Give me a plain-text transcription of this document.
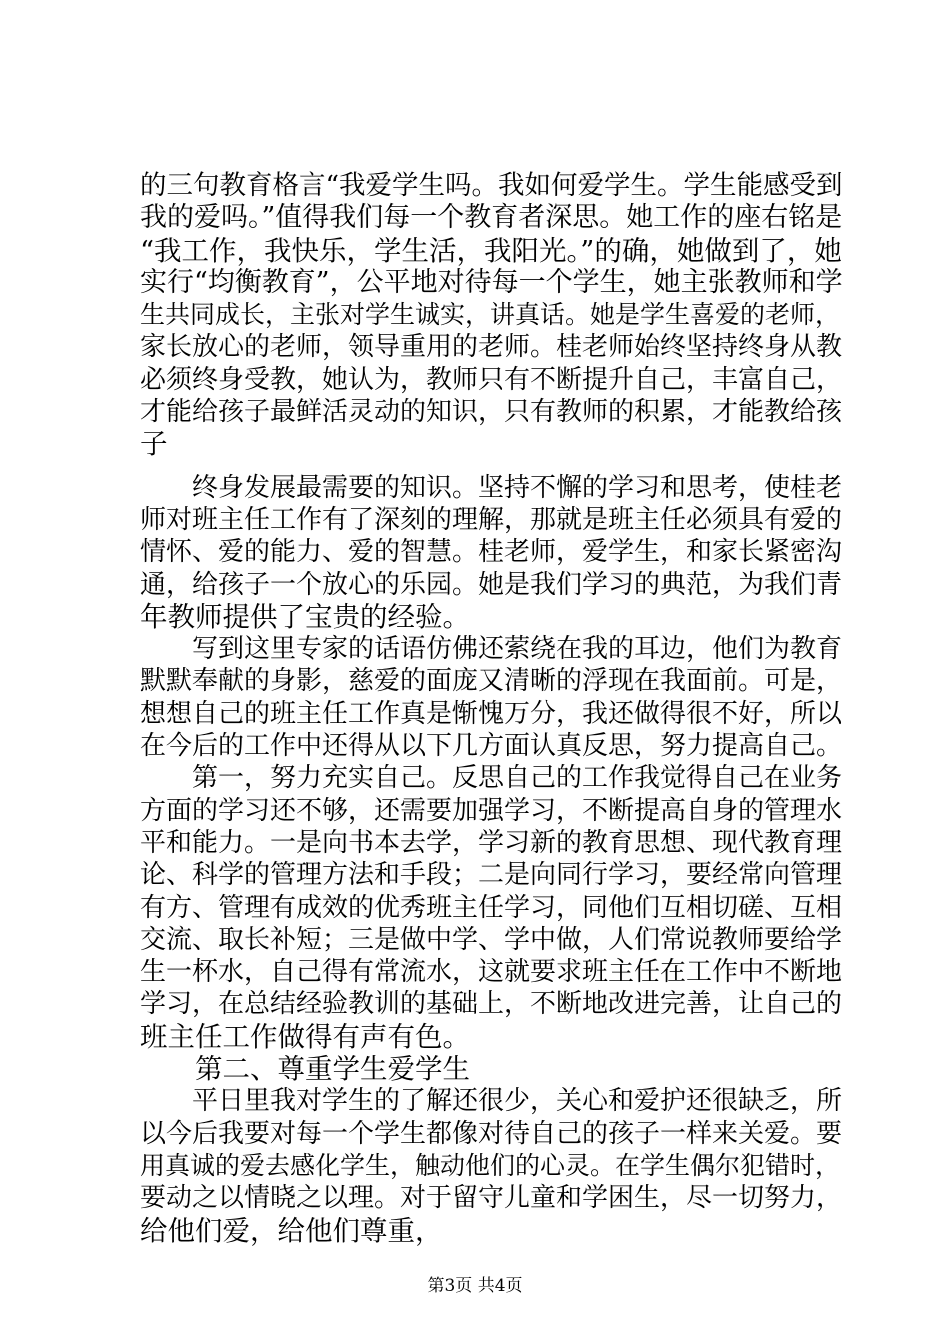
的三句教育格言“我爱学生吗。我如何爱学生。学生能感受到
我的爱吗。”值得我们每一个教育者深思。她工作的座右铭是
“我工作，我快乐，学生活，我阳光。”的确，她做到了，她
实行“均衡教育”，公平地对待每一个学生，她主张教师和学
生共同成长，主张对学生诚实，讲真话。她是学生喜爱的老师，
家长放心的老师，领导重用的老师。桂老师始终坚持终身从教
必须终身受教，她认为，教师只有不断提升自己，丰富自己，
才能给孩子最鲜活灵动的知识，只有教师的积累，才能教给孩
子
　　终身发展最需要的知识。坚持不懈的学习和思考，使桂老
师对班主任工作有了深刻的理解，那就是班主任必须具有爱的
情怀、爱的能力、爱的智慧。桂老师，爱学生，和家长紧密沟
通，给孩子一个放心的乐园。她是我们学习的典范，为我们青
年教师提供了宝贵的经验。
　　写到这里专家的话语仿佛还萦绕在我的耳边，他们为教育
默默奉献的身影，慈爱的面庞又清晰的浮现在我面前。可是，
想想自己的班主任工作真是惭愧万分，我还做得很不好，所以
在今后的工作中还得从以下几方面认真反思，努力提高自己。
　　第一，努力充实自己。反思自己的工作我觉得自己在业务
方面的学习还不够，还需要加强学习，不断提高自身的管理水
平和能力。一是向书本去学，学习新的教育思想、现代教育理
论、科学的管理方法和手段；二是向同行学习，要经常向管理
有方、管理有成效的优秀班主任学习，同他们互相切磋、互相
交流、取长补短；三是做中学、学中做，人们常说教师要给学
生一杯水，自己得有常流水，这就要求班主任在工作中不断地
学习，在总结经验教训的基础上，不断地改进完善，让自己的
班主任工作做得有声有色。
　　第二、尊重学生爱学生
　　平日里我对学生的了解还很少，关心和爱护还很缺乏，所
以今后我要对每一个学生都像对待自己的孩子一样来关爱。要
用真诚的爱去感化学生，触动他们的心灵。在学生偶尔犯错时，
要动之以情晓之以理。对于留守儿童和学困生，尽一切努力，
给他们爱，给他们尊重，
第3页 共4页
